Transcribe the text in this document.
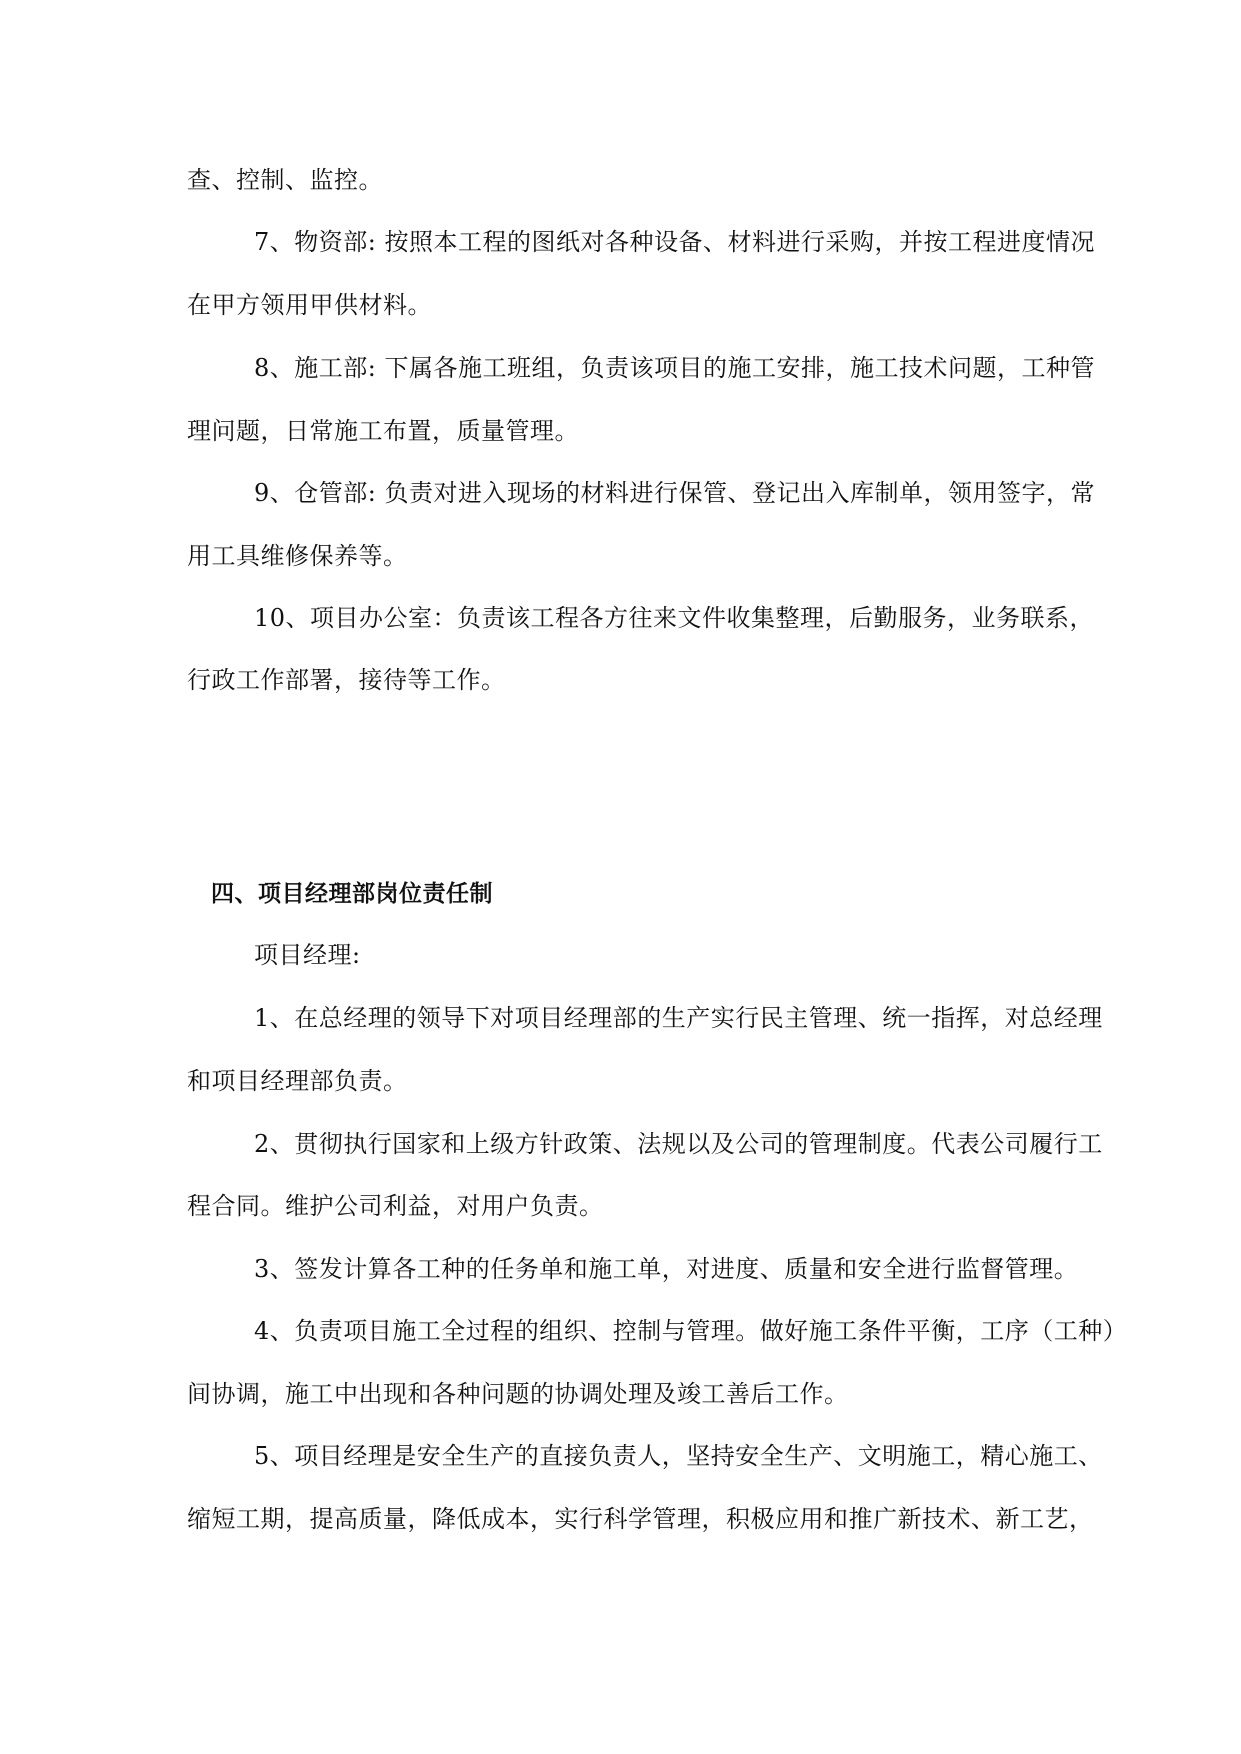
查、控制、监控。
7、物资部: 按照本工程的图纸对各种设备、材料进行采购，并按工程进度情况
在甲方领用甲供材料。
8、施工部: 下属各施工班组，负责该项目的施工安排，施工技术问题，工种管
理问题，日常施工布置，质量管理。
9、仓管部: 负责对进入现场的材料进行保管、登记出入库制单，领用签字，常
用工具维修保养等。
10、项目办公室：负责该工程各方往来文件收集整理，后勤服务，业务联系，
行政工作部署，接待等工作。
四、项目经理部岗位责任制
项目经理:
1、在总经理的领导下对项目经理部的生产实行民主管理、统一指挥，对总经理
和项目经理部负责。
2、贯彻执行国家和上级方针政策、法规以及公司的管理制度。代表公司履行工
程合同。维护公司利益，对用户负责。
3、签发计算各工种的任务单和施工单，对进度、质量和安全进行监督管理。
4、负责项目施工全过程的组织、控制与管理。做好施工条件平衡，工序（工种）
间协调，施工中出现和各种问题的协调处理及竣工善后工作。
5、项目经理是安全生产的直接负责人，坚持安全生产、文明施工，精心施工、
缩短工期，提高质量，降低成本，实行科学管理，积极应用和推广新技术、新工艺，
